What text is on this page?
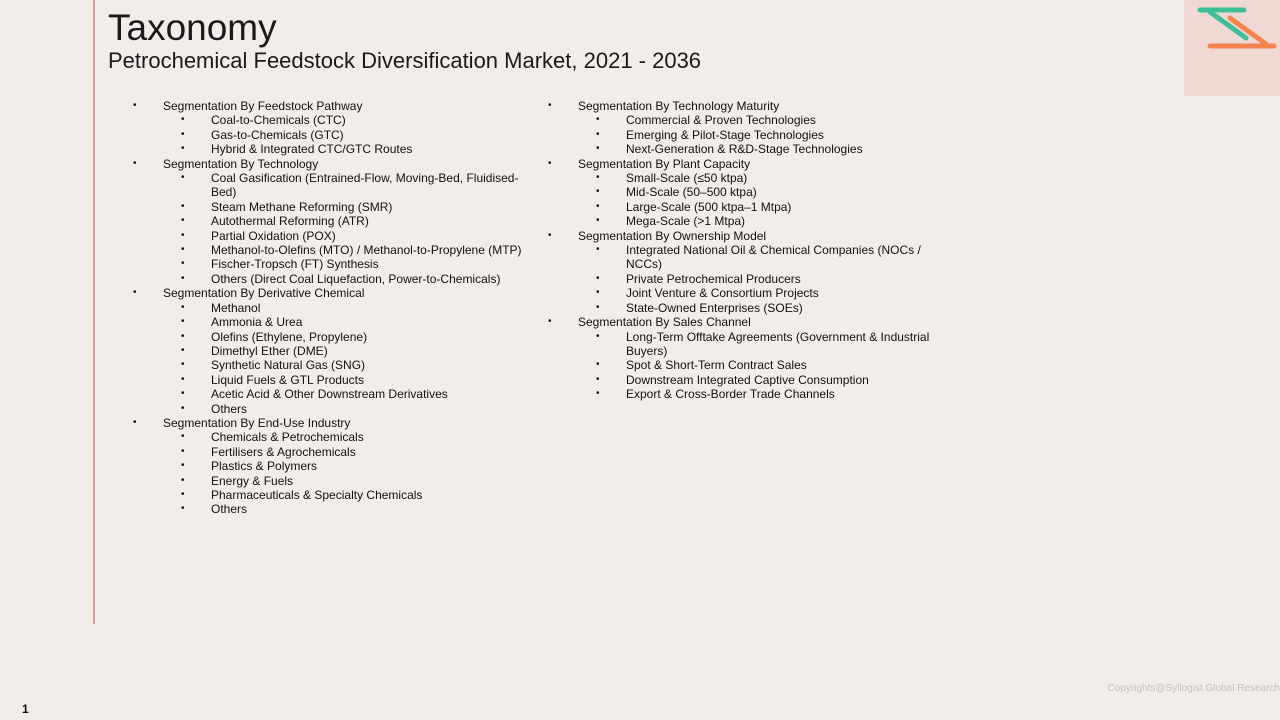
Taxonomy
Petrochemical Feedstock Diversification Market, 2021 - 2036
• Segmentation By Feedstock Pathway
• Coal-to-Chemicals (CTC)
• Gas-to-Chemicals (GTC)
• Hybrid & Integrated CTC/GTC Routes
• Segmentation By Technology
• Coal Gasification (Entrained-Flow, Moving-Bed, Fluidised-Bed)
• Steam Methane Reforming (SMR)
• Autothermal Reforming (ATR)
• Partial Oxidation (POX)
• Methanol-to-Olefins (MTO) / Methanol-to-Propylene (MTP)
• Fischer-Tropsch (FT) Synthesis
• Others (Direct Coal Liquefaction, Power-to-Chemicals)
• Segmentation By Derivative Chemical
• Methanol
• Ammonia & Urea
• Olefins (Ethylene, Propylene)
• Dimethyl Ether (DME)
• Synthetic Natural Gas (SNG)
• Liquid Fuels & GTL Products
• Acetic Acid & Other Downstream Derivatives
• Others
• Segmentation By End-Use Industry
• Chemicals & Petrochemicals
• Fertilisers & Agrochemicals
• Plastics & Polymers
• Energy & Fuels
• Pharmaceuticals & Specialty Chemicals
• Others
• Segmentation By Technology Maturity
• Commercial & Proven Technologies
• Emerging & Pilot-Stage Technologies
• Next-Generation & R&D-Stage Technologies
• Segmentation By Plant Capacity
• Small-Scale (≤50 ktpa)
• Mid-Scale (50–500 ktpa)
• Large-Scale (500 ktpa–1 Mtpa)
• Mega-Scale (>1 Mtpa)
• Segmentation By Ownership Model
• Integrated National Oil & Chemical Companies (NOCs / NCCs)
• Private Petrochemical Producers
• Joint Venture & Consortium Projects
• State-Owned Enterprises (SOEs)
• Segmentation By Sales Channel
• Long-Term Offtake Agreements (Government & Industrial Buyers)
• Spot & Short-Term Contract Sales
• Downstream Integrated Captive Consumption
• Export & Cross-Border Trade Channels
Copyrights@Syllogist Global Research
1
